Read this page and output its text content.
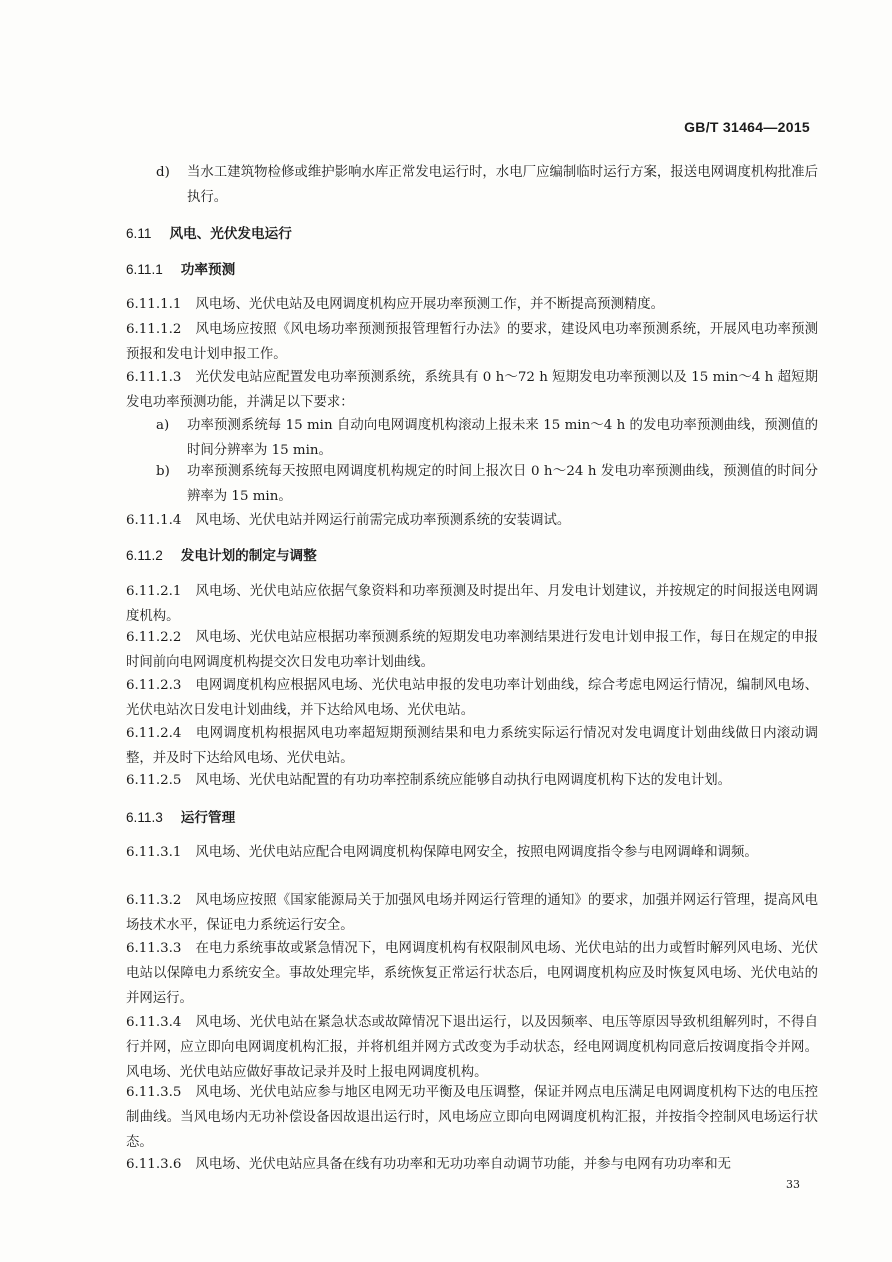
GB/T 31464—2015
d)	当水工建筑物检修或维护影响水库正常发电运行时，水电厂应编制临时运行方案，报送电网调度机构批准后执行。
6.11 风电、光伏发电运行
6.11.1 功率预测
6.11.1.1 风电场、光伏电站及电网调度机构应开展功率预测工作，并不断提高预测精度。
6.11.1.2 风电场应按照《风电场功率预测预报管理暂行办法》的要求，建设风电功率预测系统，开展风电功率预测预报和发电计划申报工作。
6.11.1.3 光伏发电站应配置发电功率预测系统，系统具有 0 h～72 h 短期发电功率预测以及 15 min～4 h 超短期发电功率预测功能，并满足以下要求：
a)	功率预测系统每 15 min 自动向电网调度机构滚动上报未来 15 min～4 h 的发电功率预测曲线，预测值的时间分辨率为 15 min。
b)	功率预测系统每天按照电网调度机构规定的时间上报次日 0 h～24 h 发电功率预测曲线，预测值的时间分辨率为 15 min。
6.11.1.4 风电场、光伏电站并网运行前需完成功率预测系统的安装调试。
6.11.2 发电计划的制定与调整
6.11.2.1 风电场、光伏电站应依据气象资料和功率预测及时提出年、月发电计划建议，并按规定的时间报送电网调度机构。
6.11.2.2 风电场、光伏电站应根据功率预测系统的短期发电功率测结果进行发电计划申报工作，每日在规定的申报时间前向电网调度机构提交次日发电功率计划曲线。
6.11.2.3 电网调度机构应根据风电场、光伏电站申报的发电功率计划曲线，综合考虑电网运行情况，编制风电场、光伏电站次日发电计划曲线，并下达给风电场、光伏电站。
6.11.2.4 电网调度机构根据风电功率超短期预测结果和电力系统实际运行情况对发电调度计划曲线做日内滚动调整，并及时下达给风电场、光伏电站。
6.11.2.5 风电场、光伏电站配置的有功功率控制系统应能够自动执行电网调度机构下达的发电计划。
6.11.3 运行管理
6.11.3.1 风电场、光伏电站应配合电网调度机构保障电网安全，按照电网调度指令参与电网调峰和调频。
6.11.3.2 风电场应按照《国家能源局关于加强风电场并网运行管理的通知》的要求，加强并网运行管理，提高风电场技术水平，保证电力系统运行安全。
6.11.3.3 在电力系统事故或紧急情况下，电网调度机构有权限制风电场、光伏电站的出力或暂时解列风电场、光伏电站以保障电力系统安全。事故处理完毕，系统恢复正常运行状态后，电网调度机构应及时恢复风电场、光伏电站的并网运行。
6.11.3.4 风电场、光伏电站在紧急状态或故障情况下退出运行，以及因频率、电压等原因导致机组解列时，不得自行并网，应立即向电网调度机构汇报，并将机组并网方式改变为手动状态，经电网调度机构同意后按调度指令并网。风电场、光伏电站应做好事故记录并及时上报电网调度机构。
6.11.3.5 风电场、光伏电站应参与地区电网无功平衡及电压调整，保证并网点电压满足电网调度机构下达的电压控制曲线。当风电场内无功补偿设备因故退出运行时，风电场应立即向电网调度机构汇报，并按指令控制风电场运行状态。
6.11.3.6 风电场、光伏电站应具备在线有功功率和无功功率自动调节功能，并参与电网有功功率和无
33
